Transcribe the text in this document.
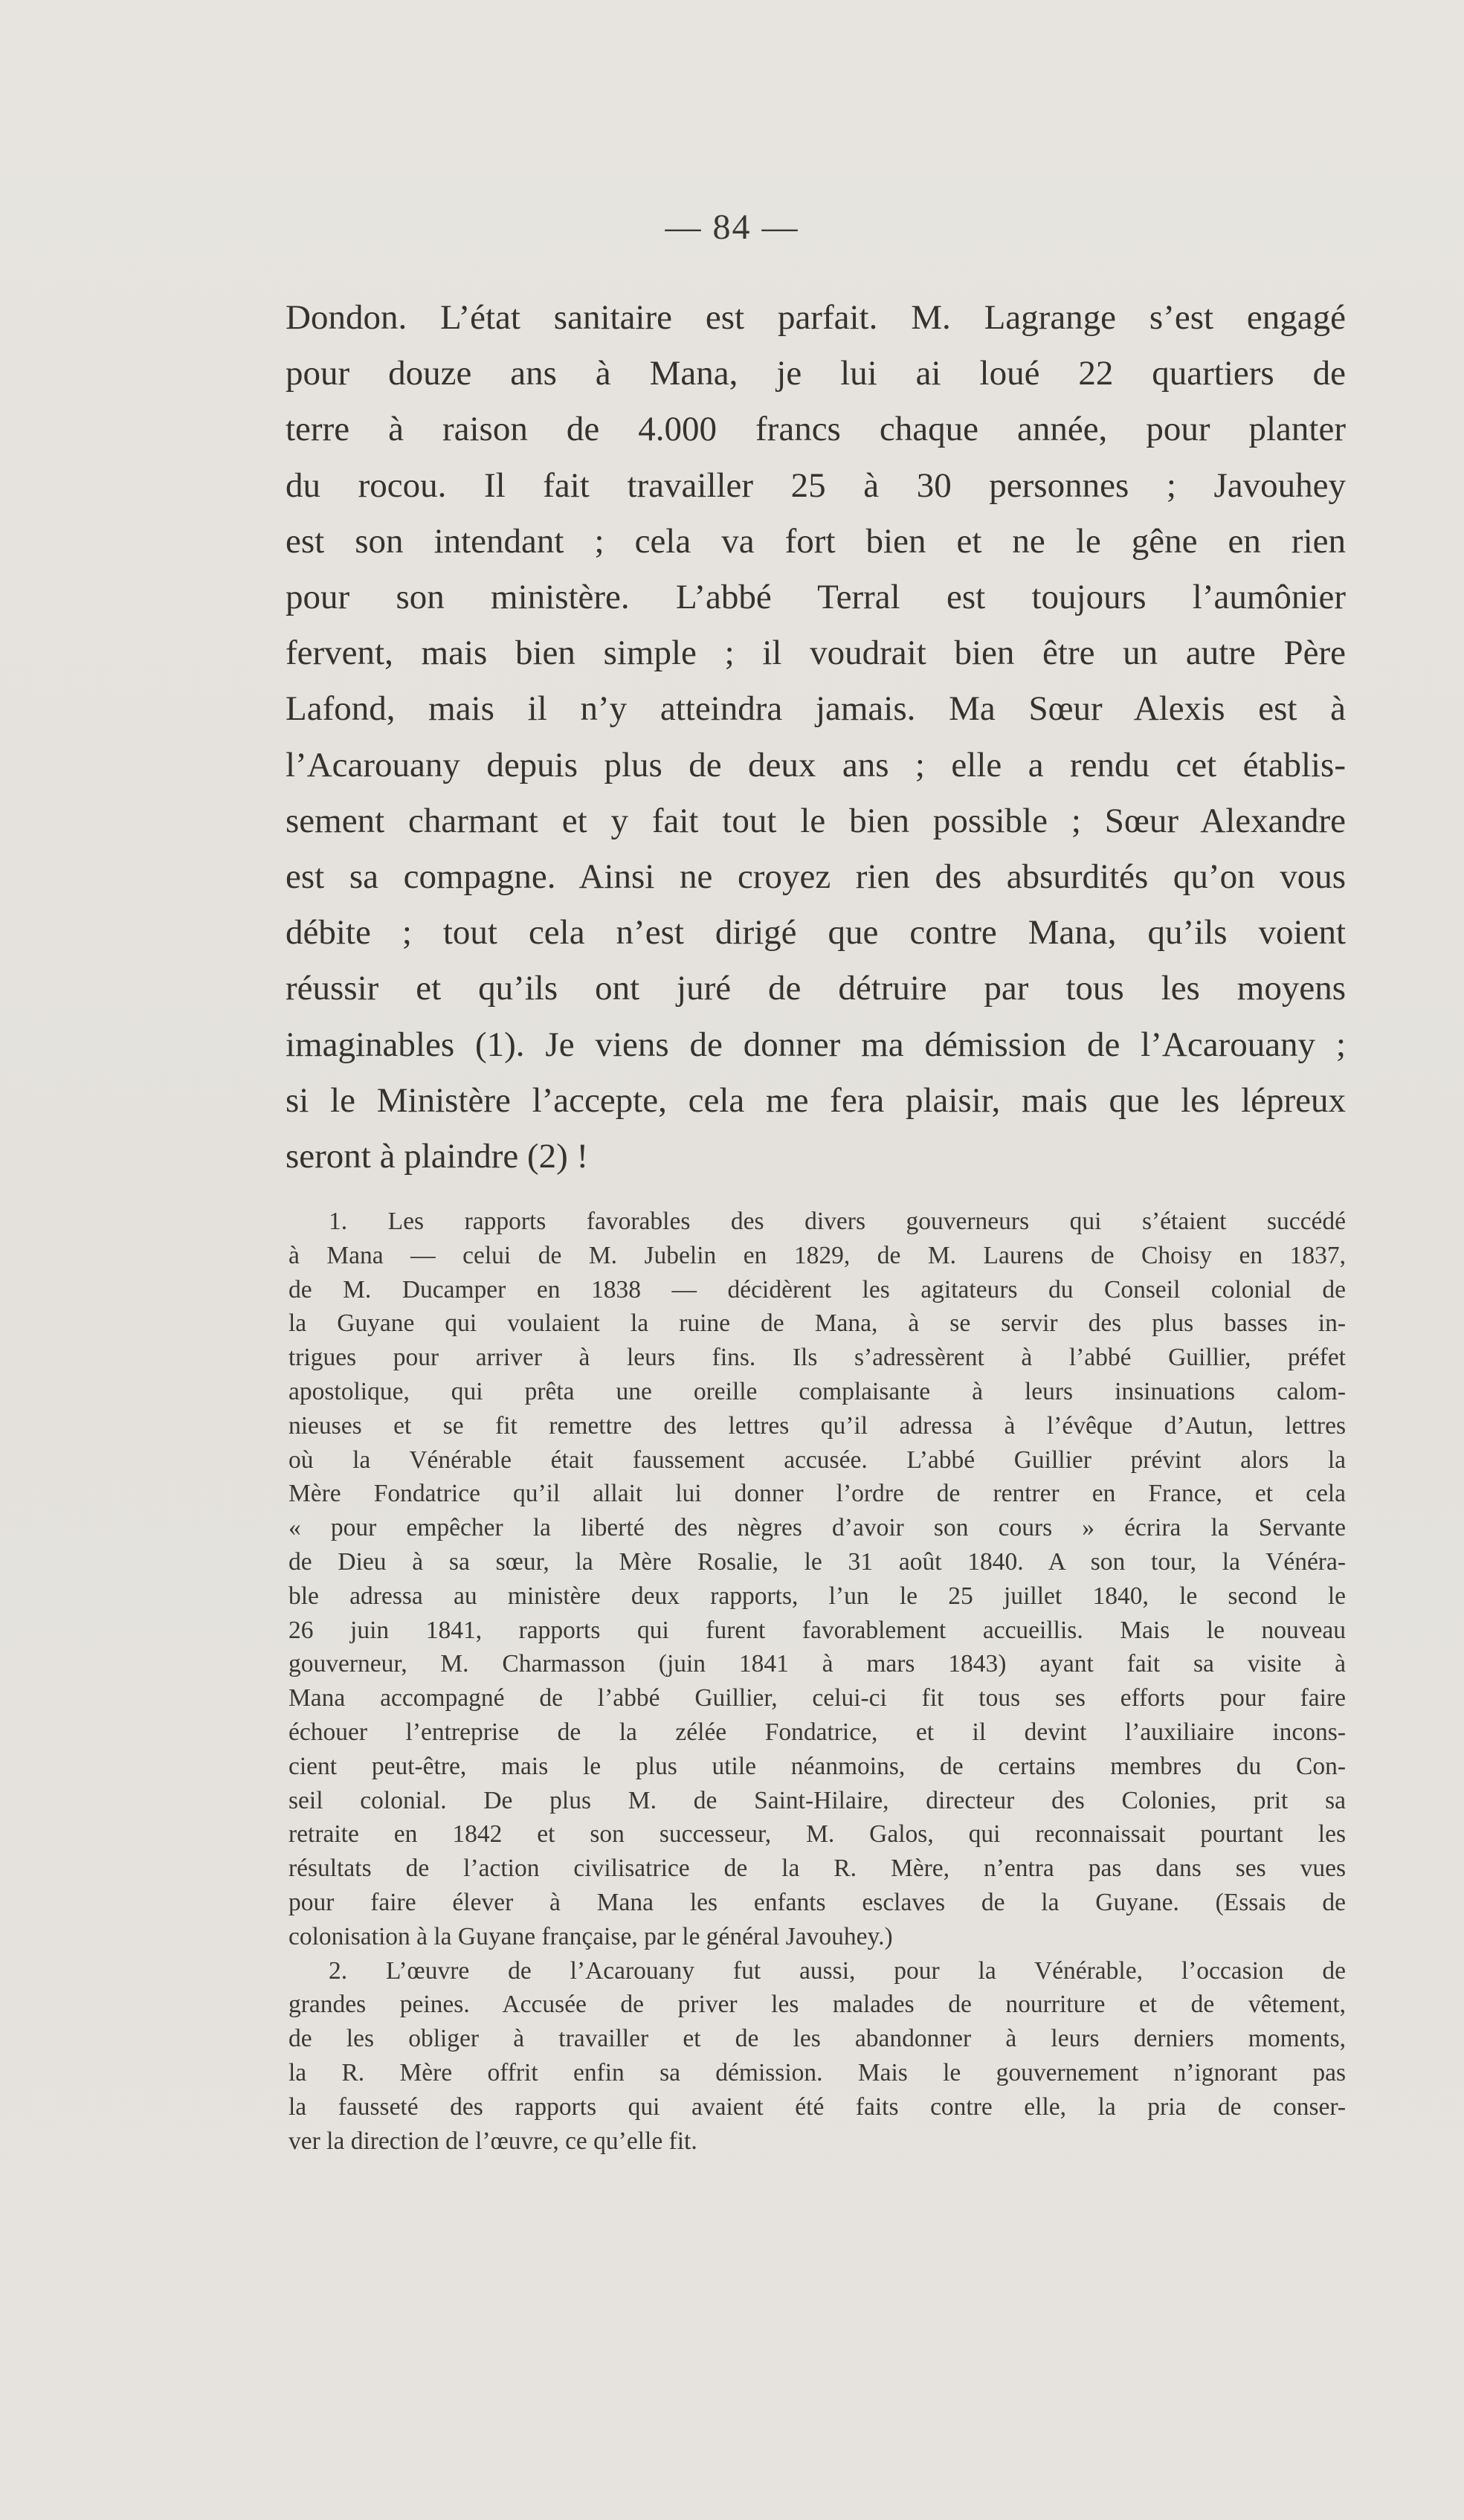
— 84 —
Dondon. L’état sanitaire est parfait. M. Lagrange s’est engagé
pour douze ans à Mana, je lui ai loué 22 quartiers de
terre à raison de 4.000 francs chaque année, pour planter
du rocou. Il fait travailler 25 à 30 personnes ; Javouhey
est son intendant ; cela va fort bien et ne le gêne en rien
pour son ministère. L’abbé Terral est toujours l’aumônier
fervent, mais bien simple ; il voudrait bien être un autre Père
Lafond, mais il n’y atteindra jamais. Ma Sœur Alexis est à
l’Acarouany depuis plus de deux ans ; elle a rendu cet établis-
sement charmant et y fait tout le bien possible ; Sœur Alexandre
est sa compagne. Ainsi ne croyez rien des absurdités qu’on vous
débite ; tout cela n’est dirigé que contre Mana, qu’ils voient
réussir et qu’ils ont juré de détruire par tous les moyens
imaginables (1). Je viens de donner ma démission de l’Acarouany ;
si le Ministère l’accepte, cela me fera plaisir, mais que les lépreux
seront à plaindre (2) !
1. Les rapports favorables des divers gouverneurs qui s’étaient succédé
à Mana — celui de M. Jubelin en 1829, de M. Laurens de Choisy en 1837,
de M. Ducamper en 1838 — décidèrent les agitateurs du Conseil colonial de
la Guyane qui voulaient la ruine de Mana, à se servir des plus basses in-
trigues pour arriver à leurs fins. Ils s’adressèrent à l’abbé Guillier, préfet
apostolique, qui prêta une oreille complaisante à leurs insinuations calom-
nieuses et se fit remettre des lettres qu’il adressa à l’évêque d’Autun, lettres
où la Vénérable était faussement accusée. L’abbé Guillier prévint alors la
Mère Fondatrice qu’il allait lui donner l’ordre de rentrer en France, et cela
« pour empêcher la liberté des nègres d’avoir son cours » écrira la Servante
de Dieu à sa sœur, la Mère Rosalie, le 31 août 1840. A son tour, la Vénéra-
ble adressa au ministère deux rapports, l’un le 25 juillet 1840, le second le
26 juin 1841, rapports qui furent favorablement accueillis. Mais le nouveau
gouverneur, M. Charmasson (juin 1841 à mars 1843) ayant fait sa visite à
Mana accompagné de l’abbé Guillier, celui-ci fit tous ses efforts pour faire
échouer l’entreprise de la zélée Fondatrice, et il devint l’auxiliaire incons-
cient peut-être, mais le plus utile néanmoins, de certains membres du Con-
seil colonial. De plus M. de Saint-Hilaire, directeur des Colonies, prit sa
retraite en 1842 et son successeur, M. Galos, qui reconnaissait pourtant les
résultats de l’action civilisatrice de la R. Mère, n’entra pas dans ses vues
pour faire élever à Mana les enfants esclaves de la Guyane. (Essais de
colonisation à la Guyane française, par le général Javouhey.)
2. L’œuvre de l’Acarouany fut aussi, pour la Vénérable, l’occasion de
grandes peines. Accusée de priver les malades de nourriture et de vêtement,
de les obliger à travailler et de les abandonner à leurs derniers moments,
la R. Mère offrit enfin sa démission. Mais le gouvernement n’ignorant pas
la fausseté des rapports qui avaient été faits contre elle, la pria de conser-
ver la direction de l’œuvre, ce qu’elle fit.
